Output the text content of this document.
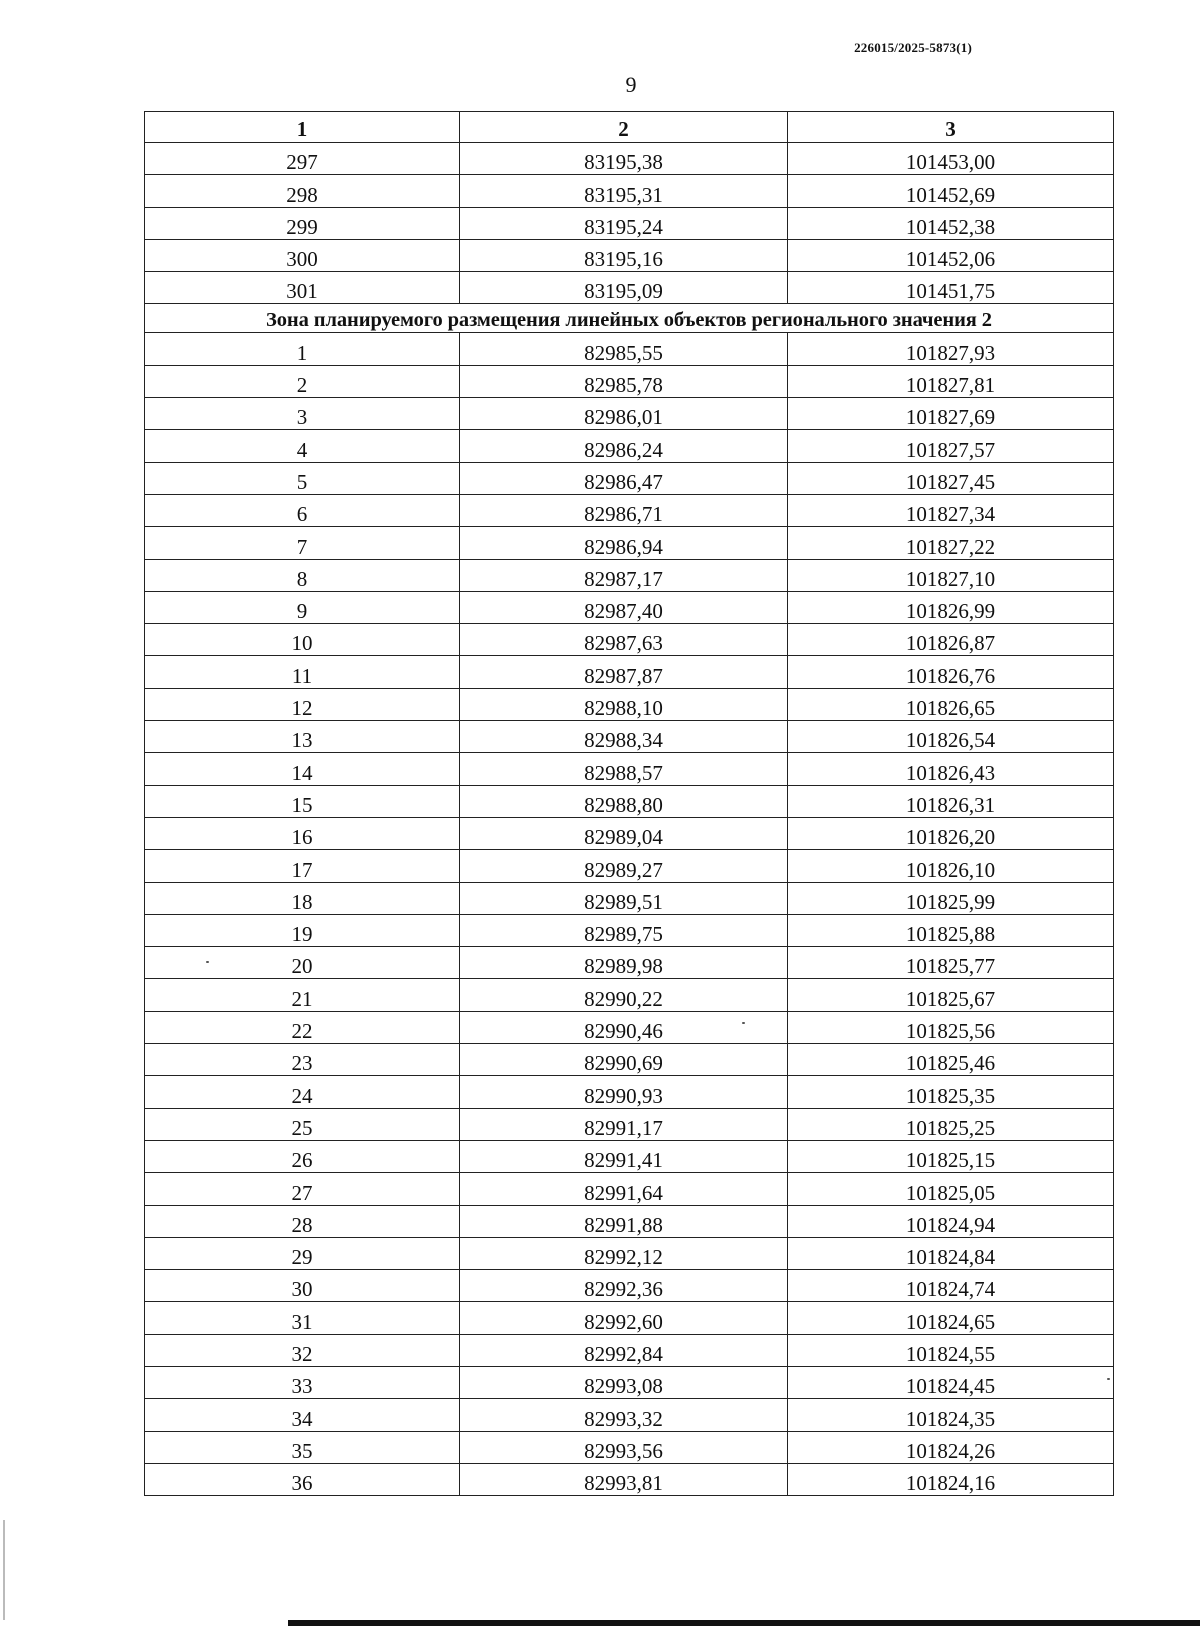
226015/2025-5873(1)
9
1	2	3
297	83195,38	101453,00
298	83195,31	101452,69
299	83195,24	101452,38
300	83195,16	101452,06
301	83195,09	101451,75
Зона планируемого размещения линейных объектов регионального значения 2		
1	82985,55	101827,93
2	82985,78	101827,81
3	82986,01	101827,69
4	82986,24	101827,57
5	82986,47	101827,45
6	82986,71	101827,34
7	82986,94	101827,22
8	82987,17	101827,10
9	82987,40	101826,99
10	82987,63	101826,87
11	82987,87	101826,76
12	82988,10	101826,65
13	82988,34	101826,54
14	82988,57	101826,43
15	82988,80	101826,31
16	82989,04	101826,20
17	82989,27	101826,10
18	82989,51	101825,99
19	82989,75	101825,88
20	82989,98	101825,77
21	82990,22	101825,67
22	82990,46	101825,56
23	82990,69	101825,46
24	82990,93	101825,35
25	82991,17	101825,25
26	82991,41	101825,15
27	82991,64	101825,05
28	82991,88	101824,94
29	82992,12	101824,84
30	82992,36	101824,74
31	82992,60	101824,65
32	82992,84	101824,55
33	82993,08	101824,45
34	82993,32	101824,35
35	82993,56	101824,26
36	82993,81	101824,16
